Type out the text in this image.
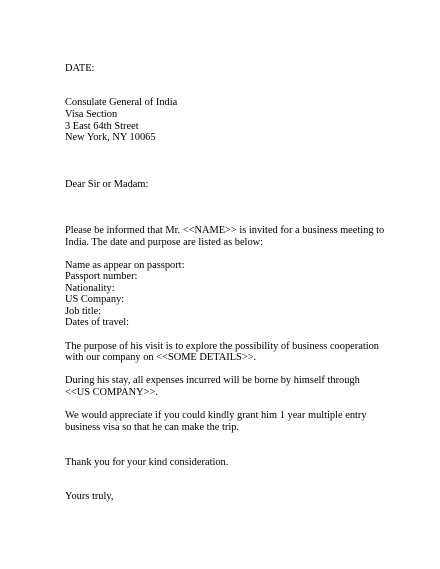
DATE:
Consulate General of India
Visa Section
3 East 64th Street
New York, NY 10065
Dear Sir or Madam:
Please be informed that Mr. <<NAME>> is invited for a business meeting to
India. The date and purpose are listed as below:
Name as appear on passport:
Passport number:
Nationality:
US Company:
Job title:
Dates of travel:
The purpose of his visit is to explore the possibility of business cooperation
with our company on <<SOME DETAILS>>.
During his stay, all expenses incurred will be borne by himself through
<<US COMPANY>>.
We would appreciate if you could kindly grant him 1 year multiple entry
business visa so that he can make the trip.
Thank you for your kind consideration.
Yours truly,
